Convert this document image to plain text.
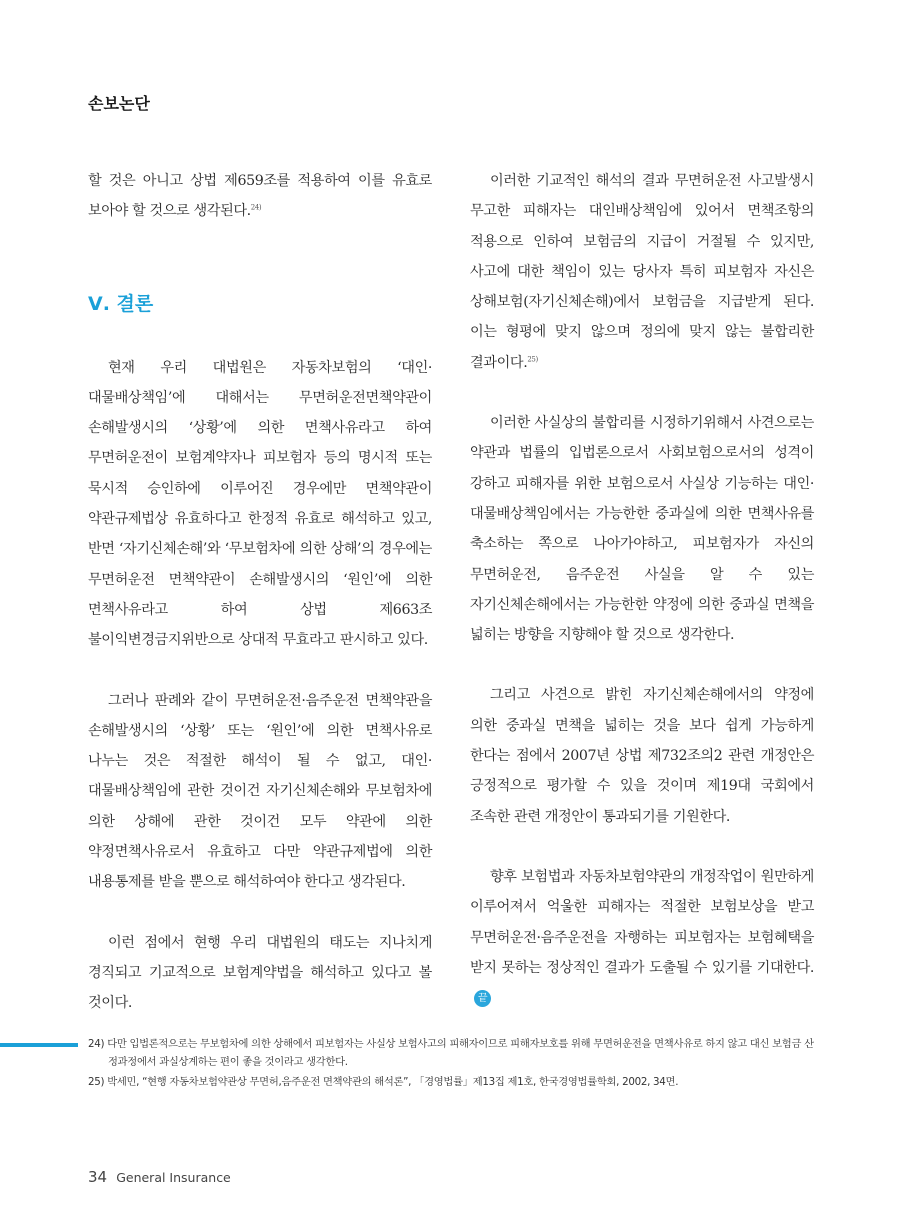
손보논단

할 것은 아니고 상법 제659조를 적용하여 이를 유효로 보아야 할 것으로 생각된다.$^{24)}$

Ⅴ. 결론

현재 우리 대법원은 자동차보험의 ‘대인·대물배상책임’에 대해서는 무면허운전면책약관이 손해발생시의 ‘상황’에 의한 면책사유라고 하여 무면허운전이 보험계약자나 피보험자 등의 명시적 또는 묵시적 승인하에 이루어진 경우에만 면책약관이 약관규제법상 유효하다고 한정적 유효로 해석하고 있고, 반면 ‘자기신체손해’와 ‘무보험차에 의한 상해’의 경우에는 무면허운전 면책약관이 손해발생시의 ‘원인’에 의한 면책사유라고 하여 상법 제663조 불이익변경금지위반으로 상대적 무효라고 판시하고 있다.

그러나 판례와 같이 무면허운전·음주운전 면책약관을 손해발생시의 ‘상황’ 또는 ‘원인’에 의한 면책사유로 나누는 것은 적절한 해석이 될 수 없고, 대인·대물배상책임에 관한 것이건 자기신체손해와 무보험차에 의한 상해에 관한 것이건 모두 약관에 의한 약정면책사유로서 유효하고 다만 약관규제법에 의한 내용통제를 받을 뿐으로 해석하여야 한다고 생각된다.

이런 점에서 현행 우리 대법원의 태도는 지나치게 경직되고 기교적으로 보험계약법을 해석하고 있다고 볼 것이다.

이러한 기교적인 해석의 결과 무면허운전 사고발생시 무고한 피해자는 대인배상책임에 있어서 면책조항의 적용으로 인하여 보험금의 지급이 거절될 수 있지만, 사고에 대한 책임이 있는 당사자 특히 피보험자 자신은 상해보험(자기신체손해)에서 보험금을 지급받게 된다. 이는 형평에 맞지 않으며 정의에 맞지 않는 불합리한 결과이다.$^{25)}$

이러한 사실상의 불합리를 시정하기위해서 사견으로는 약관과 법률의 입법론으로서 사회보험으로서의 성격이 강하고 피해자를 위한 보험으로서 사실상 기능하는 대인·대물배상책임에서는 가능한한 중과실에 의한 면책사유를 축소하는 쪽으로 나아가야하고, 피보험자가 자신의 무면허운전, 음주운전 사실을 알 수 있는 자기신체손해에서는 가능한한 약정에 의한 중과실 면책을 넓히는 방향을 지향해야 할 것으로 생각한다.

그리고 사견으로 밝힌 자기신체손해에서의 약정에 의한 중과실 면책을 넓히는 것을 보다 쉽게 가능하게 한다는 점에서 2007년 상법 제732조의2 관련 개정안은 긍정적으로 평가할 수 있을 것이며 제19대 국회에서 조속한 관련 개정안이 통과되기를 기원한다.

향후 보험법과 자동차보험약관의 개정작업이 원만하게 이루어져서 억울한 피해자는 적절한 보험보상을 받고 무면허운전·음주운전을 자행하는 피보험자는 보험혜택을 받지 못하는 정상적인 결과가 도출될 수 있기를 기대한다.끝

24) 다만 입법론적으로는 무보험차에 의한 상해에서 피보험자는 사실상 보험사고의 피해자이므로 피해자보호를 위해 무면허운전을 면책사유로 하지 않고 대신 보험금 산정과정에서 과실상계하는 편이 좋을 것이라고 생각한다.

25) 박세민, “현행 자동차보험약관상 무면허,음주운전 면책약관의 해석론”, 「경영법률」제13집 제1호, 한국경영법률학회, 2002, 34면.

34 General Insurance
